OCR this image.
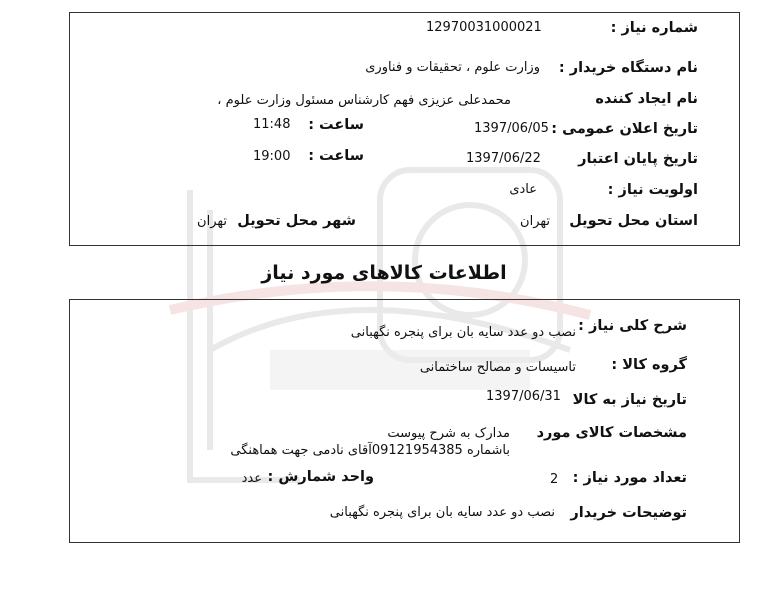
شماره نیاز :
12970031000021
نام دستگاه خریدار :
وزارت علوم ، تحقیقات و فناوری
نام ایجاد کننده
محمدعلی عزیزی فهم کارشناس مسئول وزارت علوم ،
تاریخ اعلان عمومی :
1397/06/05
ساعت :
11:48
تاریخ پایان اعتبار
1397/06/22
ساعت :
19:00
اولویت نیاز :
عادی
استان محل تحویل
تهران
شهر محل تحویل
تهران
اطلاعات کالاهای مورد نیاز
شرح کلی نیاز :
نصب دو عدد سایه بان برای پنجره نگهبانی
گروه کالا :
تاسیسات و مصالح ساختمانی
تاریخ نیاز به کالا
1397/06/31
مشخصات کالای مورد
مدارک به شرح پیوست
باشماره 09121954385آقای نادمی جهت هماهنگی
تعداد مورد نیاز :
2
واحد شمارش :
عدد
توضیحات خریدار
نصب دو عدد سایه بان برای پنجره نگهبانی
